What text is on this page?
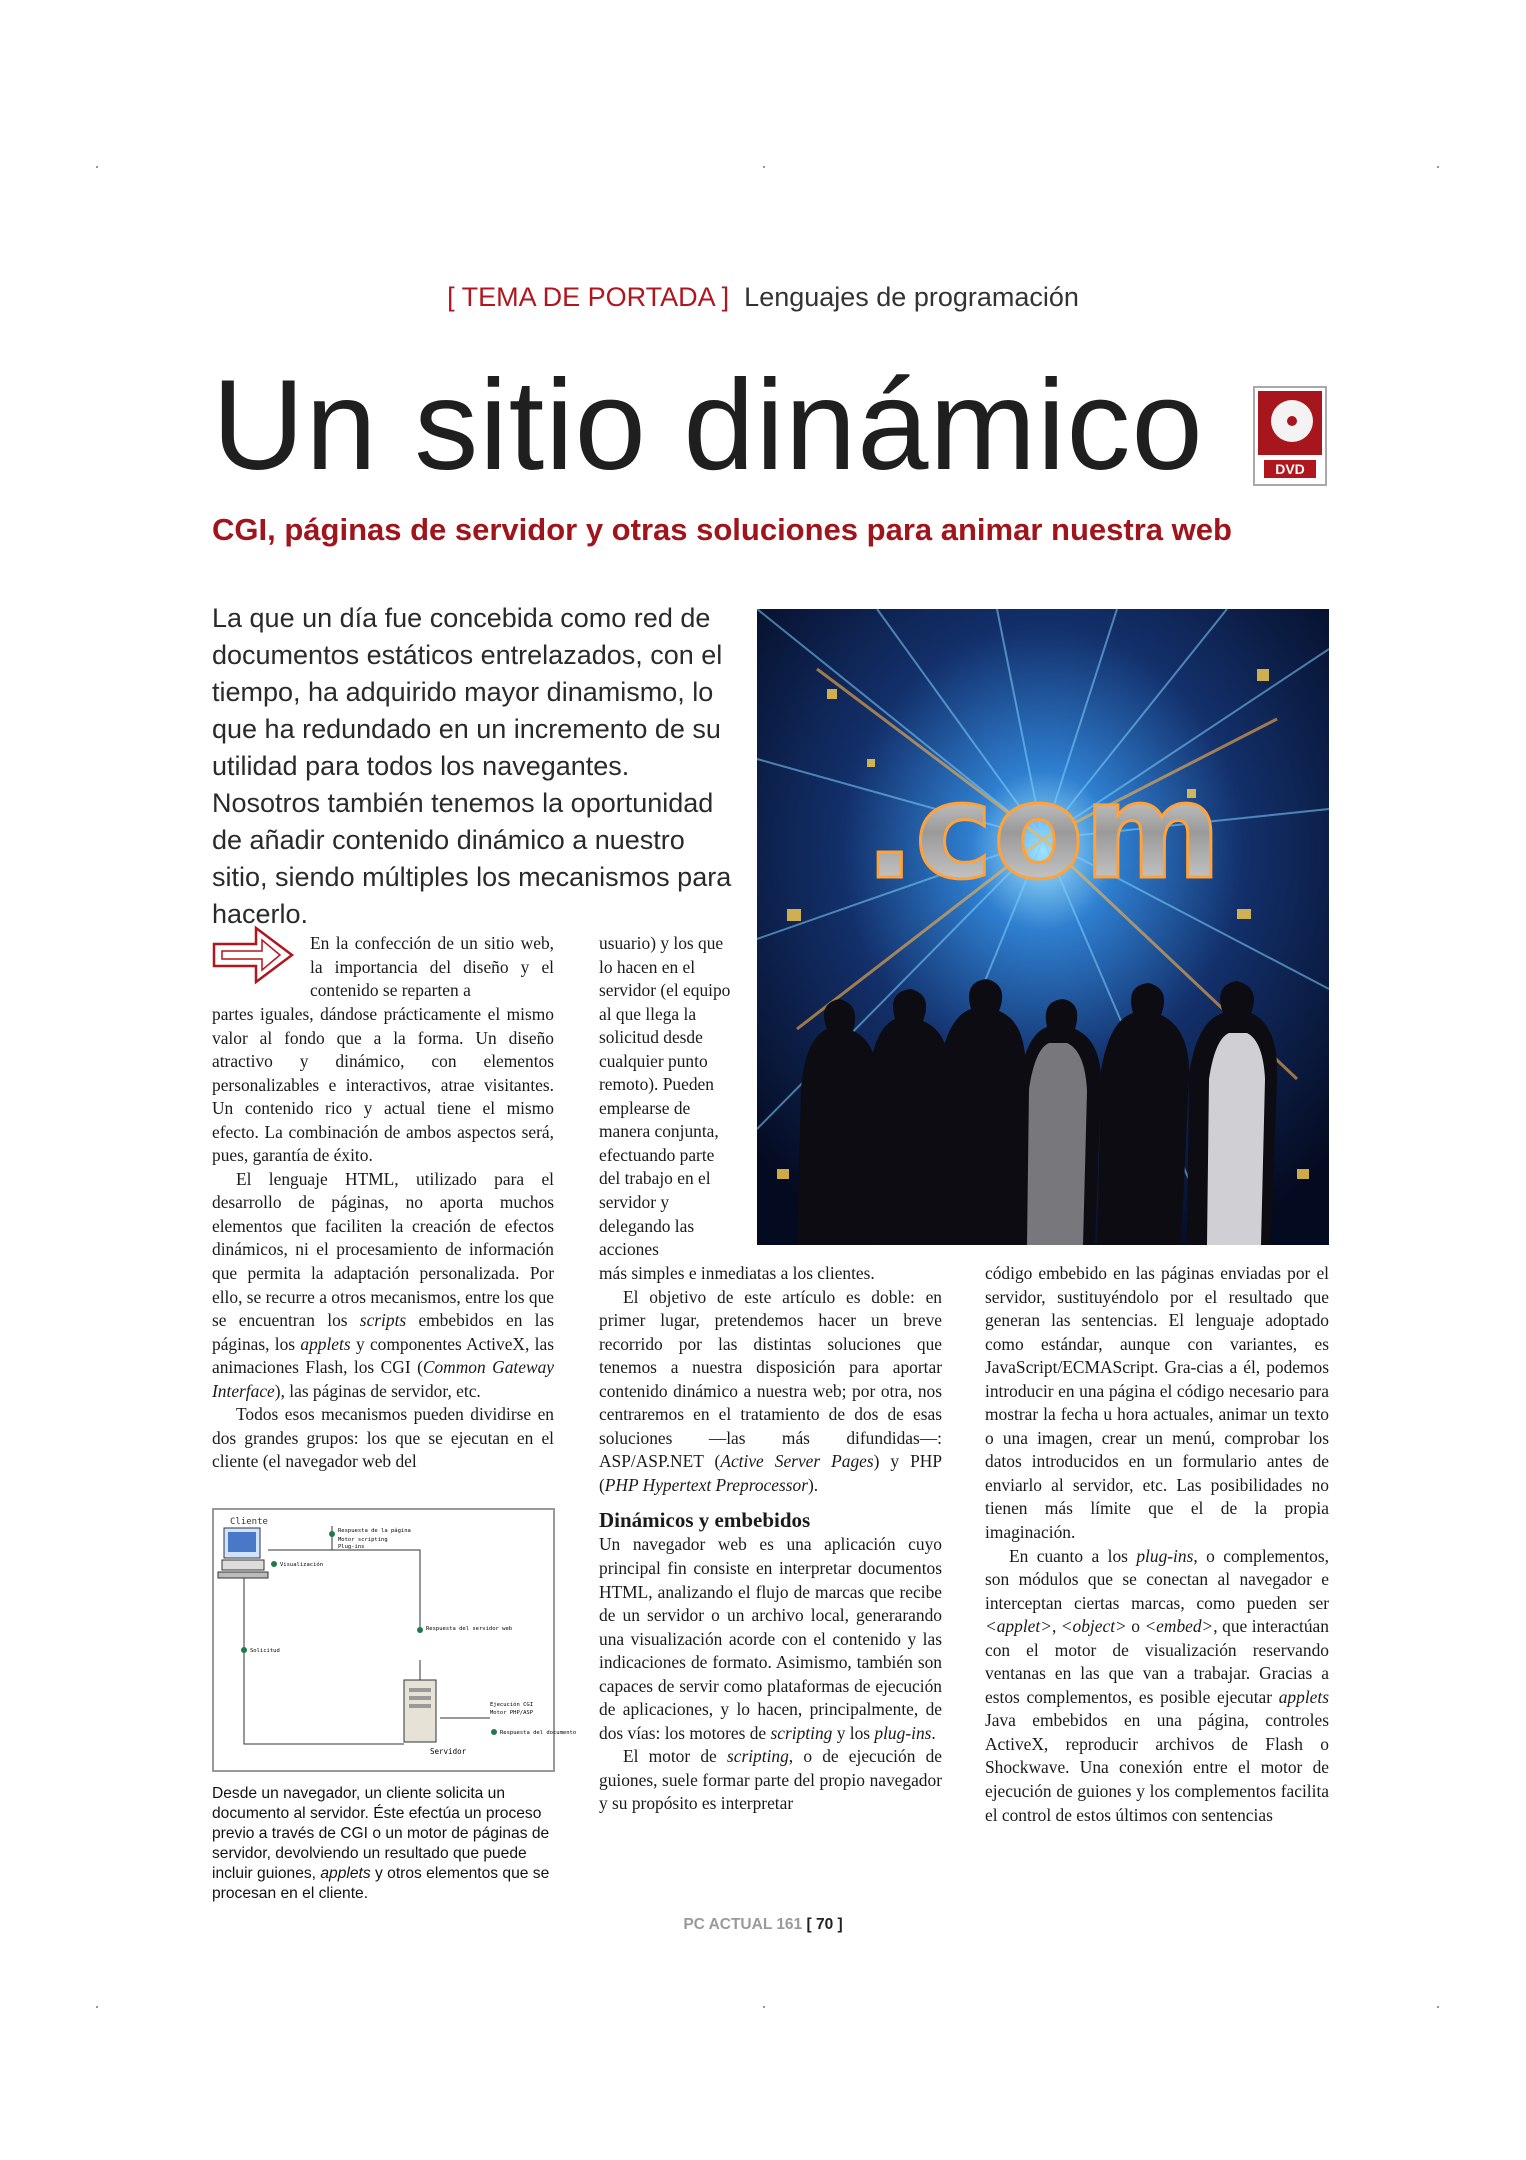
[ TEMA DE PORTADA ] Lenguajes de programación
Un sitio dinámico	DVD
CGI, páginas de servidor y otras soluciones para animar nuestra web
La que un día fue concebida como red de documentos estáticos entrelazados, con el tiempo, ha adquirido mayor dinamismo, lo que ha redundado en un incremento de su utilidad para todos los navegantes. Nosotros también tenemos la oportunidad de añadir contenido dinámico a nuestro sitio, siendo múltiples los mecanismos para hacerlo.
.com

En la confección de un sitio web, la importancia del diseño y el contenido se reparten a

partes iguales, dándose prácticamente el mismo valor al fondo que a la forma. Un diseño atractivo y dinámico, con elementos personalizables e interactivos, atrae visitantes. Un contenido rico y actual tiene el mismo efecto. La combinación de ambos aspectos será, pues, garantía de éxito.

El lenguaje HTML, utilizado para el desarrollo de páginas, no aporta muchos elementos que faciliten la creación de efectos dinámicos, ni el procesamiento de información que permita la adaptación personalizada. Por ello, se recurre a otros mecanismos, entre los que se encuentran los scripts embebidos en las páginas, los applets y componentes ActiveX, las animaciones Flash, los CGI (Common Gateway Interface), las páginas de servidor, etc.

Todos esos mecanismos pueden dividirse en dos grandes grupos: los que se ejecutan en el cliente (el navegador web del

Cliente
Respuesta de la página
Motor scripting
Plug-ins
Visualización
Respuesta del servidor web
Solicitud
Servidor
Ejecución CGI
Motor PHP/ASP
Respuesta del documento
Desde un navegador, un cliente solicita un documento al servidor. Éste efectúa un proceso previo a través de CGI o un motor de páginas de servidor, devolviendo un resultado que puede incluir guiones, applets y otros elementos que se procesan en el cliente.

usuario) y los que lo hacen en el servidor (el equipo al que llega la solicitud desde cualquier punto remoto). Pueden emplearse de manera conjunta, efectuando parte del trabajo en el servidor y delegando las acciones

más simples e inmediatas a los clientes.

El objetivo de este artículo es doble: en primer lugar, pretendemos hacer un breve recorrido por las distintas soluciones que tenemos a nuestra disposición para aportar contenido dinámico a nuestra web; por otra, nos centraremos en el tratamiento de dos de esas soluciones —las más difundidas—: ASP/ASP.NET (Active Server Pages) y PHP (PHP Hypertext Preprocessor).

Dinámicos y embebidos

Un navegador web es una aplicación cuyo principal fin consiste en interpretar documentos HTML, analizando el flujo de marcas que recibe de un servidor o un archivo local, generarando una visualización acorde con el contenido y las indicaciones de formato. Asimismo, también son capaces de servir como plataformas de ejecución de aplicaciones, y lo hacen, principalmente, de dos vías: los motores de scripting y los plug-ins.

El motor de scripting, o de ejecución de guiones, suele formar parte del propio navegador y su propósito es interpretar

código embebido en las páginas enviadas por el servidor, sustituyéndolo por el resultado que generan las sentencias. El lenguaje adoptado como estándar, aunque con variantes, es JavaScript/ECMAScript. Gra-cias a él, podemos introducir en una página el código necesario para mostrar la fecha u hora actuales, animar un texto o una imagen, crear un menú, comprobar los datos introducidos en un formulario antes de enviarlo al servidor, etc. Las posibilidades no tienen más límite que el de la propia imaginación.

En cuanto a los plug-ins, o complementos, son módulos que se conectan al navegador e interceptan ciertas marcas, como pueden ser <applet>, <object> o <embed>, que interactúan con el motor de visualización reservando ventanas en las que van a trabajar. Gracias a estos complementos, es posible ejecutar applets Java embebidos en una página, controles ActiveX, reproducir archivos de Flash o Shockwave. Una conexión entre el motor de ejecución de guiones y los complementos facilita el control de estos últimos con sentencias

PC ACTUAL 161 [ 70 ]
